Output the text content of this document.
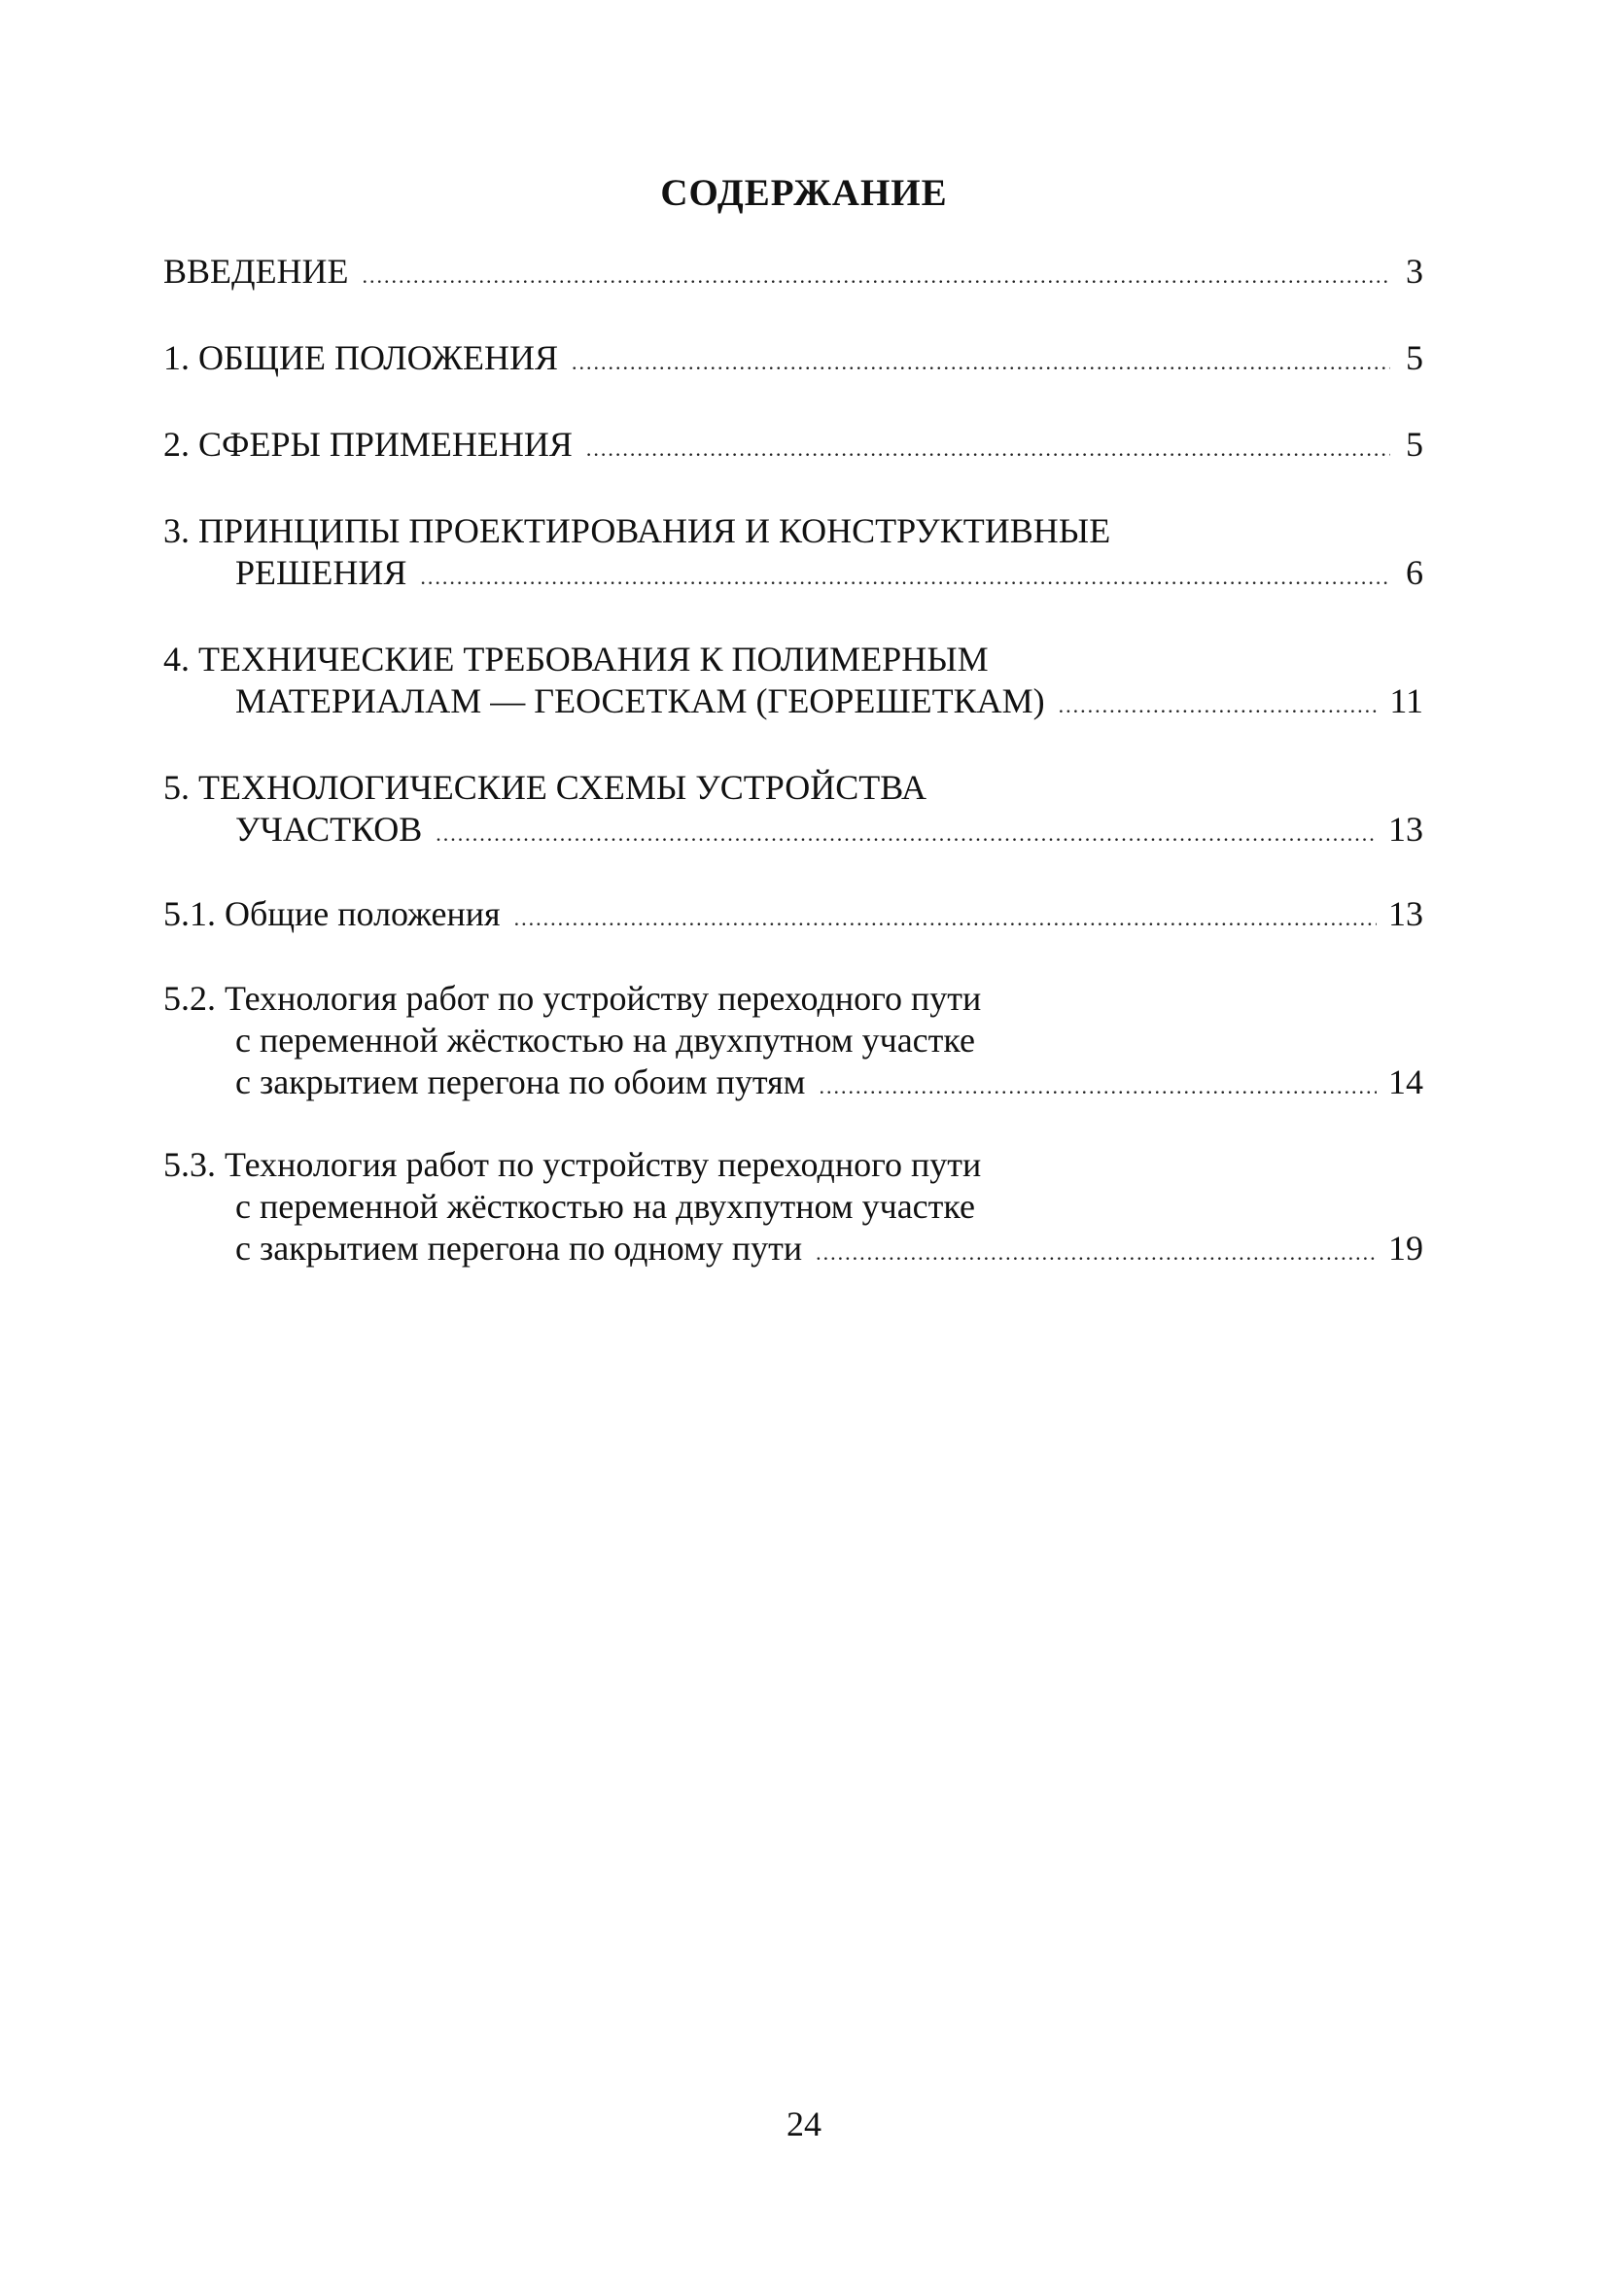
СОДЕРЖАНИЕ
ВВЕДЕНИЕ .....	3
1. ОБЩИЕ ПОЛОЖЕНИЯ .....	5
2. СФЕРЫ ПРИМЕНЕНИЯ .....	5
3. ПРИНЦИПЫ ПРОЕКТИРОВАНИЯ И КОНСТРУКТИВНЫЕ
РЕШЕНИЯ .....	6
4. ТЕХНИЧЕСКИЕ ТРЕБОВАНИЯ К ПОЛИМЕРНЫМ
МАТЕРИАЛАМ — ГЕОСЕТКАМ (ГЕОРЕШЕТКАМ) .....	11
5. ТЕХНОЛОГИЧЕСКИЕ СХЕМЫ УСТРОЙСТВА
УЧАСТКОВ .....	13
5.1. Общие положения .....	13
5.2. Технология работ по устройству переходного пути
с переменной жёсткостью на двухпутном участке
с закрытием перегона по обоим путям .....	14
5.3. Технология работ по устройству переходного пути
с переменной жёсткостью на двухпутном участке
с закрытием перегона по одному пути .....	19
24
